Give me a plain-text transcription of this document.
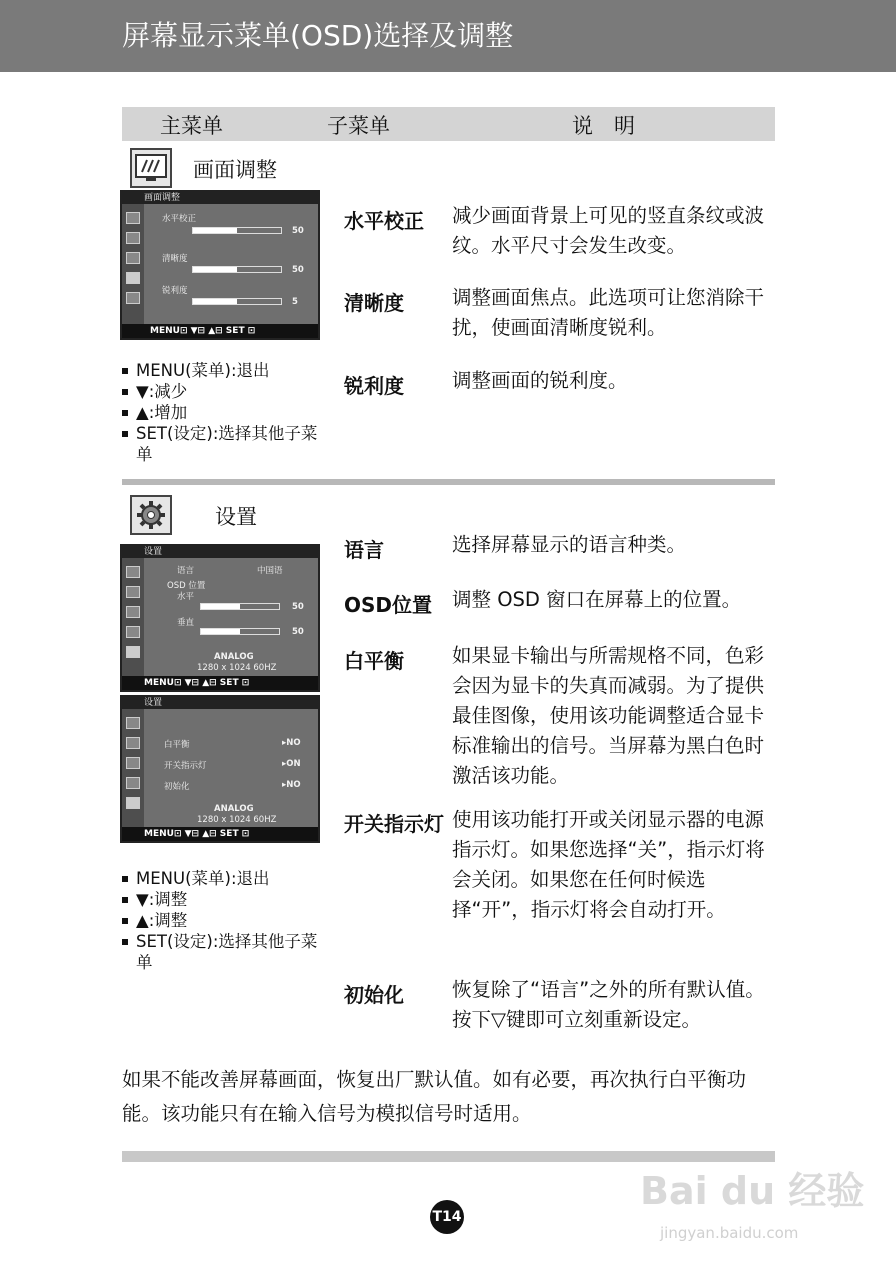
屏幕显示菜单(OSD)选择及调整
主菜单	子菜单	说　明
画面调整
画面调整
水平校正
50
清晰度
50
锐利度
5
MENU⊡ ▼⊟ ▲⊟ SET ⊡
水平校正	减少画面背景上可见的竖直条纹或波纹。水平尺寸会发生改变。
清晰度	调整画面焦点。此选项可让您消除干扰，使画面清晰度锐利。
锐利度	调整画面的锐利度。
MENU(菜单):退出
▼:减少
▲:增加
SET(设定):选择其他子菜单
设置
设置
语言	中国语
OSD 位置
水平
50
垂直
50
ANALOG
1280 x 1024 60HZ
MENU⊡ ▼⊟ ▲⊟ SET ⊡
设置
白平衡	▸NO
开关指示灯	▸ON
初始化	▸NO
ANALOG
1280 x 1024 60HZ
MENU⊡ ▼⊟ ▲⊟ SET ⊡
语言	选择屏幕显示的语言种类。
OSD位置	调整 OSD 窗口在屏幕上的位置。
白平衡	如果显卡输出与所需规格不同，色彩会因为显卡的失真而减弱。为了提供最佳图像，使用该功能调整适合显卡标准输出的信号。当屏幕为黑白色时激活该功能。
开关指示灯 使用该功能打开或关闭显示器的电源指示灯。如果您选择“关”，指示灯将会关闭。如果您在任何时候选择“开”，指示灯将会自动打开。
初始化	恢复除了“语言”之外的所有默认值。按下▽键即可立刻重新设定。
MENU(菜单):退出
▼:调整
▲:调整
SET(设定):选择其他子菜单
如果不能改善屏幕画面，恢复出厂默认值。如有必要，再次执行白平衡功能。该功能只有在输入信号为模拟信号时适用。
Bai du 经验
jingyan.baidu.com
T14
